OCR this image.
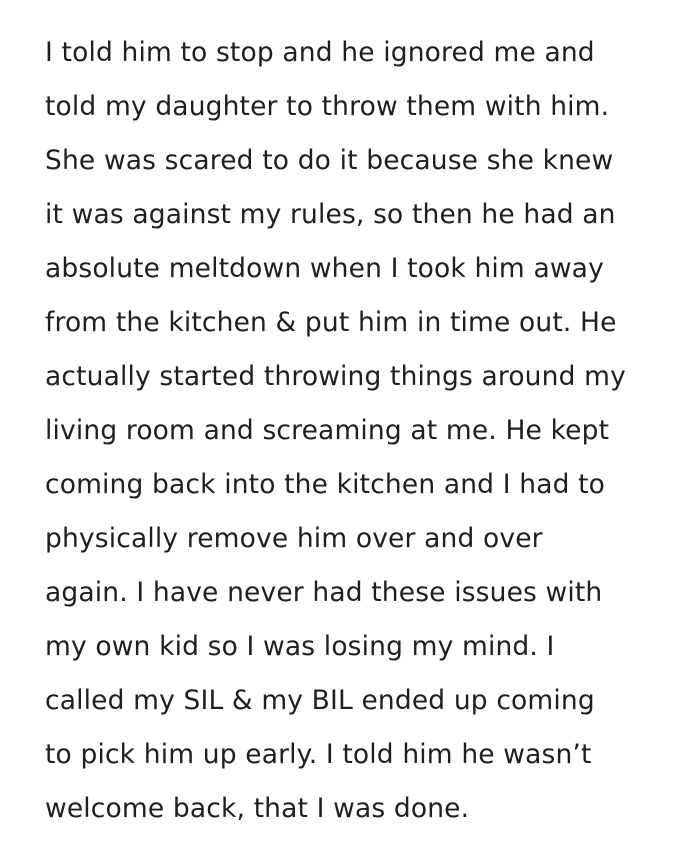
I told him to stop and he ignored me and
told my daughter to throw them with him.
She was scared to do it because she knew
it was against my rules, so then he had an
absolute meltdown when I took him away
from the kitchen & put him in time out. He
actually started throwing things around my
living room and screaming at me. He kept
coming back into the kitchen and I had to
physically remove him over and over
again. I have never had these issues with
my own kid so I was losing my mind. I
called my SIL & my BIL ended up coming
to pick him up early. I told him he wasn’t
welcome back, that I was done.
